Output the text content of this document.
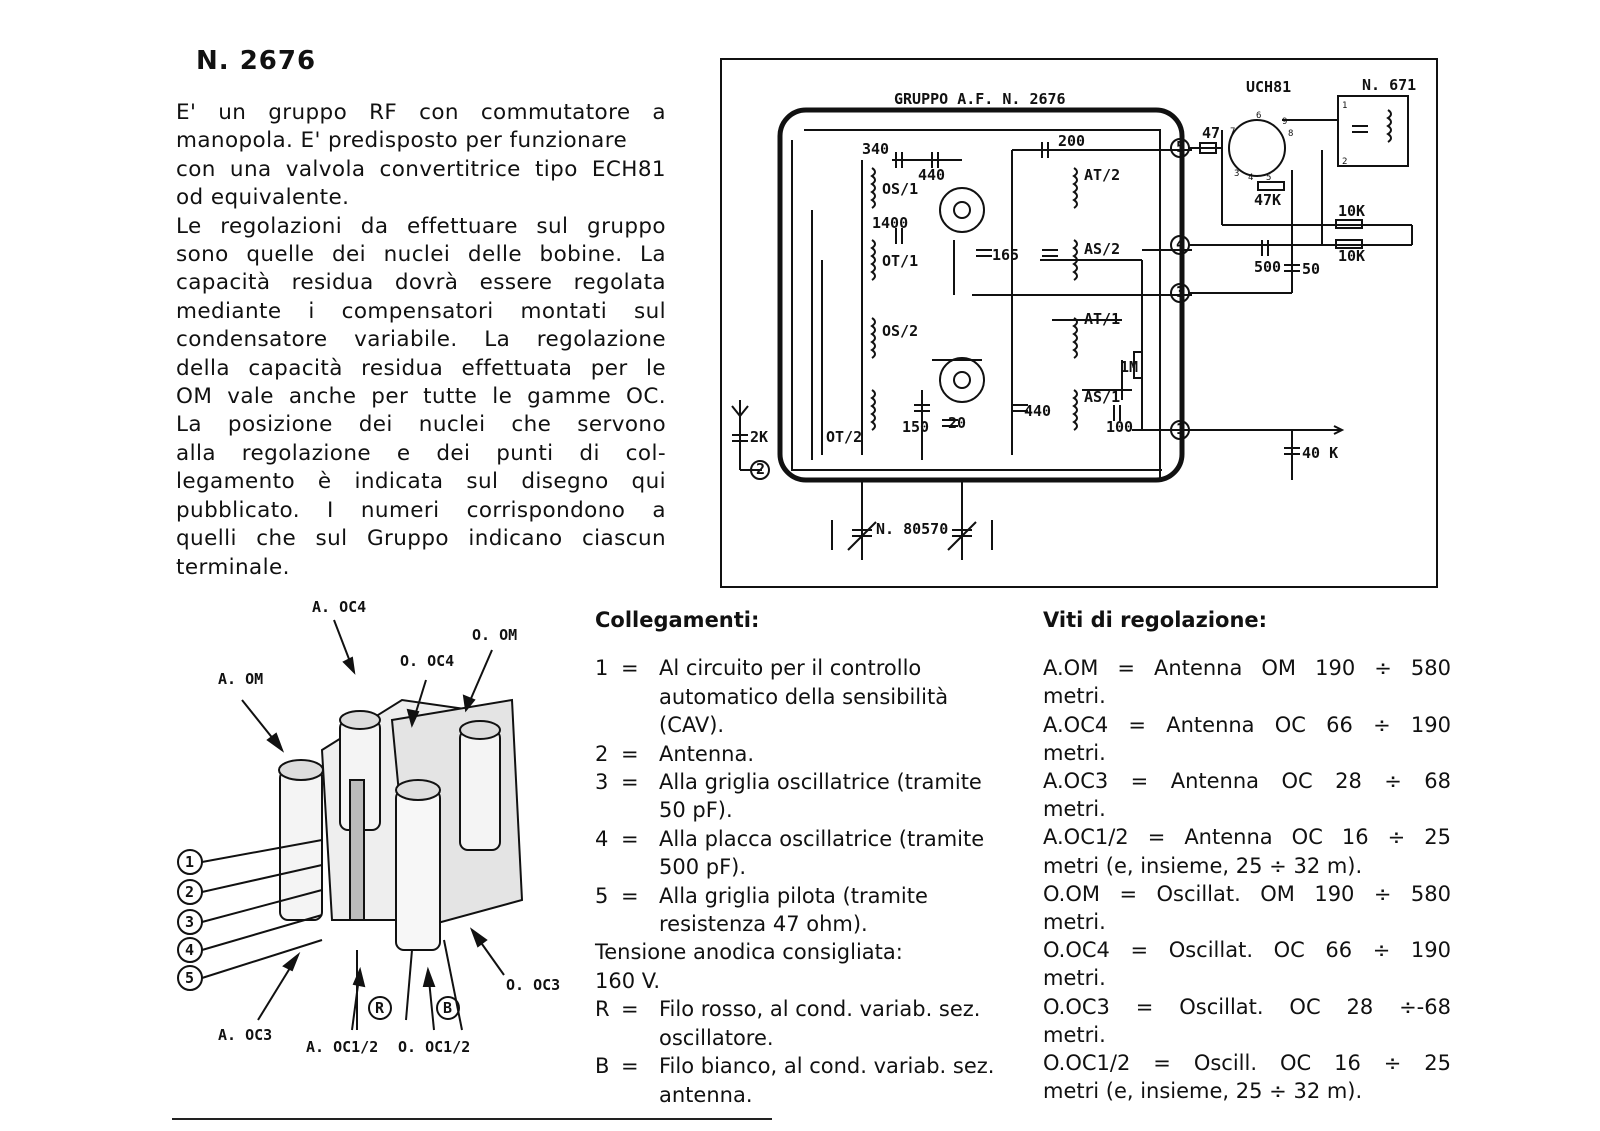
N. 2676
E' un gruppo RF con commutatore a
manopola. E' predisposto per funzionare
con una valvola convertitrice tipo ECH81
od equivalente.
Le regolazioni da effettuare sul gruppo
sono quelle dei nuclei delle bobine. La
capacità residua dovrà essere regolata
mediante i compensatori montati sul
condensatore variabile. La regolazione
della capacità residua effettuata per le
OM vale anche per tutte le gamme OC.
La posizione dei nuclei che servono
alla regolazione e dei punti di col-
legamento è indicata sul disegno qui
pubblicato. I numeri corrispondono a
quelli che sul Gruppo indicano ciascun
terminale.
GRUPPO A.F. N. 2676
UCH81	N. 671
N. 80570
340
440
1400
165
200	47
47K
10K
10K
500 50
1M
440
150 20	100
2K
40 K
OS/1
OT/1
OS/2
OT/2
AT/2
AS/2
AT/1
AS/1
1
2
3
4
5
1
2
3 4 5
6
7	8
9
A. OC4
O. OM
O. OC4
A. OM
A. OC3
A. OC1/2 O. OC1/2
O. OC3
R	B
1
2
3
4
5
Collegamenti:
1 = Al circuito per il controllo automatico della sensibilità (CAV).
2 = Antenna.
3 = Alla griglia oscillatrice (tramite 50 pF).
4 = Alla placca oscillatrice (tramite 500 pF).
5 = Alla griglia pilota (tramite resistenza 47 ohm).
Tensione anodica consigliata:
160 V.
R = Filo rosso, al cond. variab. sez. oscillatore.
B = Filo bianco, al cond. variab. sez. antenna.
Viti di regolazione:
A.OM = Antenna OM 190 ÷ 580
metri.
A.OC4 = Antenna OC 66 ÷ 190
metri.
A.OC3 = Antenna OC 28 ÷ 68
metri.
A.OC1/2 = Antenna OC 16 ÷ 25
metri (e, insieme, 25 ÷ 32 m).
O.OM = Oscillat. OM 190 ÷ 580
metri.
O.OC4 = Oscillat. OC 66 ÷ 190
metri.
O.OC3 = Oscillat. OC 28 ÷-68
metri.
O.OC1/2 = Oscill. OC 16 ÷ 25
metri (e, insieme, 25 ÷ 32 m).
